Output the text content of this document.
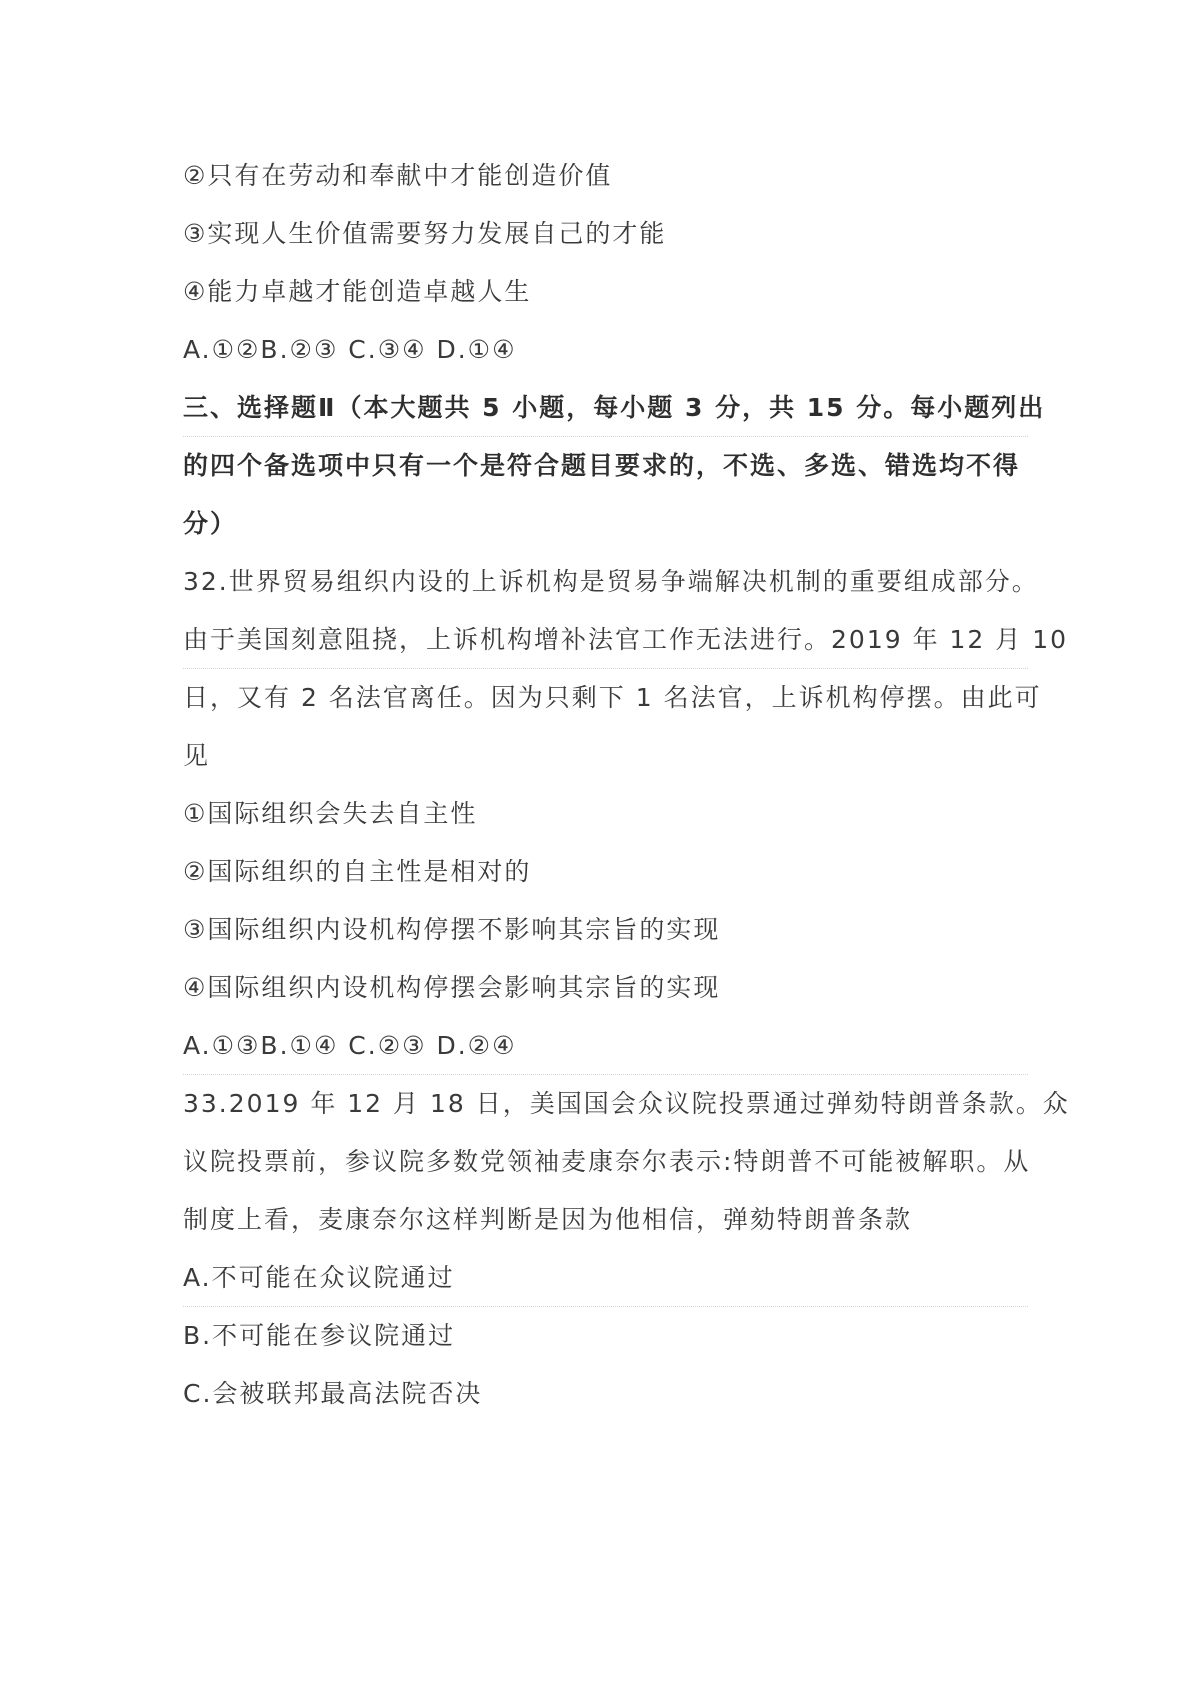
②只有在劳动和奉献中才能创造价值
③实现人生价值需要努力发展自己的才能
④能力卓越才能创造卓越人生
A.①②B.②③ C.③④ D.①④
三、选择题Ⅱ（本大题共 5 小题，每小题 3 分，共 15 分。每小题列出
的四个备选项中只有一个是符合题目要求的，不选、多选、错选均不得
分）
32.世界贸易组织内设的上诉机构是贸易争端解决机制的重要组成部分。
由于美国刻意阻挠，上诉机构增补法官工作无法进行。2019 年 12 月 10
日，又有 2 名法官离任。因为只剩下 1 名法官，上诉机构停摆。由此可
见
①国际组织会失去自主性
②国际组织的自主性是相对的
③国际组织内设机构停摆不影响其宗旨的实现
④国际组织内设机构停摆会影响其宗旨的实现
A.①③B.①④ C.②③ D.②④
33.2019 年 12 月 18 日，美国国会众议院投票通过弹劾特朗普条款。众
议院投票前，参议院多数党领袖麦康奈尔表示:特朗普不可能被解职。从
制度上看，麦康奈尔这样判断是因为他相信，弹劾特朗普条款
A.不可能在众议院通过
B.不可能在参议院通过
C.会被联邦最高法院否决
